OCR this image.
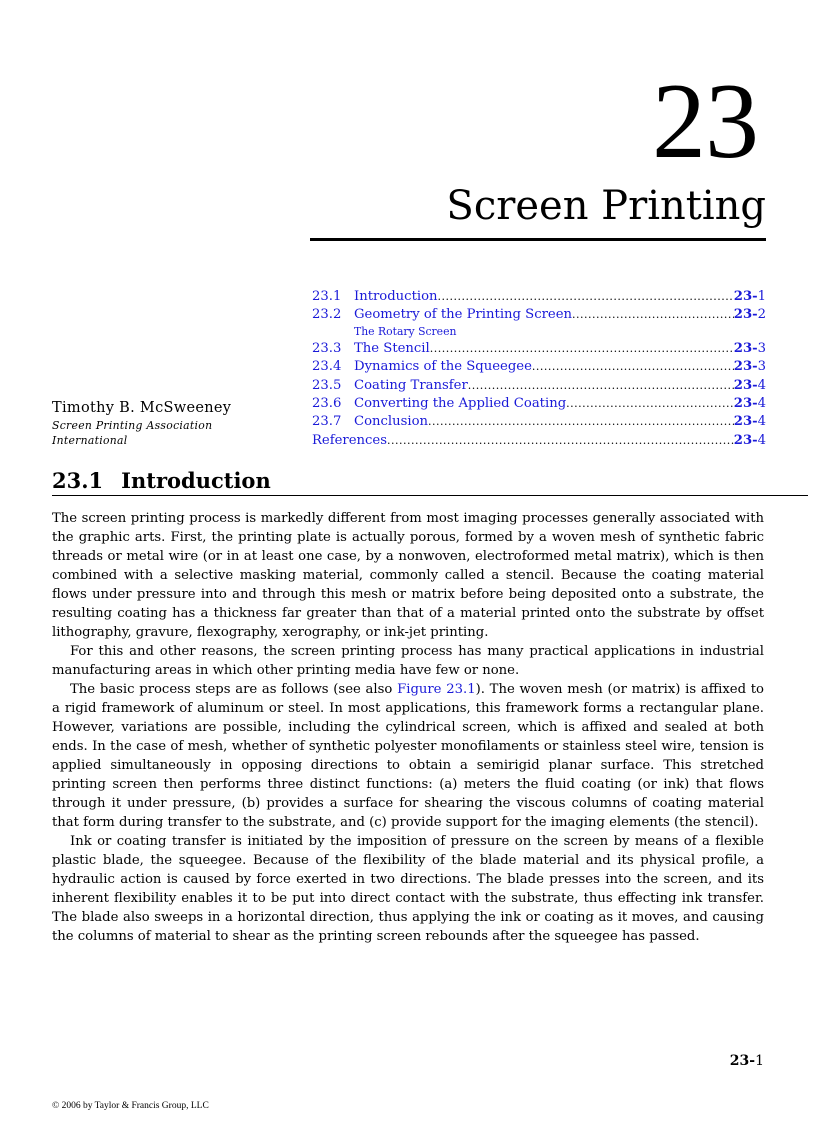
23
Screen Printing
23.1 Introduction .....	23-1
23.2 Geometry of the Printing Screen .....	23-2
The Rotary Screen
23.3 The Stencil .....	23-3
23.4 Dynamics of the Squeegee .....	23-3
23.5 Coating Transfer .....	23-4
23.6 Converting the Applied Coating .....	23-4
23.7 Conclusion .....	23-4
References .....	23-4
Timothy B. McSweeney
Screen Printing Association
International
23.1 Introduction

The screen printing process is markedly different from most imaging processes generally associated with the graphic arts. First, the printing plate is actually porous, formed by a woven mesh of synthetic fabric threads or metal wire (or in at least one case, by a nonwoven, electroformed metal matrix), which is then combined with a selective masking material, commonly called a stencil. Because the coating material flows under pressure into and through this mesh or matrix before being deposited onto a substrate, the resulting coating has a thickness far greater than that of a material printed onto the substrate by offset lithography, gravure, flexography, xerography, or ink-jet printing.

For this and other reasons, the screen printing process has many practical applications in industrial manufacturing areas in which other printing media have few or none.

The basic process steps are as follows (see also Figure 23.1). The woven mesh (or matrix) is affixed to a rigid framework of aluminum or steel. In most applications, this framework forms a rectangular plane. However, variations are possible, including the cylindrical screen, which is affixed and sealed at both ends. In the case of mesh, whether of synthetic polyester monofilaments or stainless steel wire, tension is applied simultaneously in opposing directions to obtain a semirigid planar surface. This stretched printing screen then performs three distinct functions: (a) meters the fluid coating (or ink) that flows through it under pressure, (b) provides a surface for shearing the viscous columns of coating material that form during transfer to the substrate, and (c) provide support for the imaging elements (the stencil).

Ink or coating transfer is initiated by the imposition of pressure on the screen by means of a flexible plastic blade, the squeegee. Because of the flexibility of the blade material and its physical profile, a hydraulic action is caused by force exerted in two directions. The blade presses into the screen, and its inherent flexibility enables it to be put into direct contact with the substrate, thus effecting ink transfer. The blade also sweeps in a horizontal direction, thus applying the ink or coating as it moves, and causing the columns of material to shear as the printing screen rebounds after the squeegee has passed.

23-1
© 2006 by Taylor & Francis Group, LLC
